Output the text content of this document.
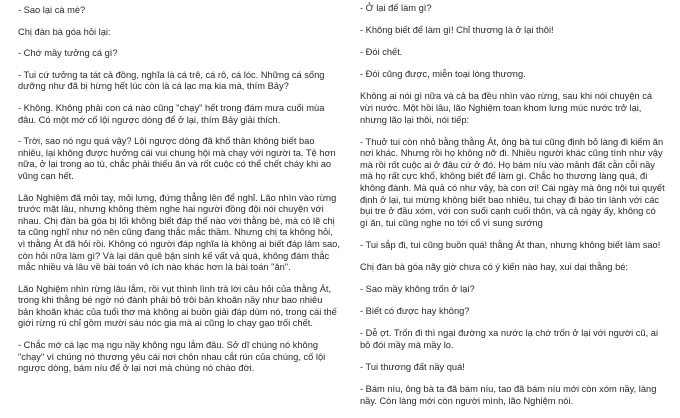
- Sao lại cà mè?

Chị đàn bà góa hỏi lại:

- Chớ mầy tưởng cá gì?

- Tui cứ tưởng ta tát cả đồng, nghĩa là cá trê, cá rô, cá lóc. Những cá sống dưỡng như đã bị hừng hết lúc còn là cá lạc mạ kia mà, thím Bảy?

- Không. Không phải con cá nào cũng "chạy" hết trong đám mưa cuối mùa đâu. Có một mớ cố lội ngược dòng để ở lại, thím Bảy giải thích.

- Trời, sao nó ngu quá vậy? Lội ngược dòng đã khổ thân không biết bao nhiêu, lại không được hưởng cái vui chung hội mà chạy với người ta. Tệ hơn nữa, ở lại trong ao tù, chắc phải thiếu ăn và rốt cuộc có thể chết cháy khi ao vũng cạn hết.

Lão Nghiệm đã mỏi tay, mỏi lưng, đứng thẳng lên để nghỉ. Lão nhìn vào rừng trước mặt lâu, nhưng không thèm nghe hai người đồng đội nói chuyện với nhau. Chị đàn bà góa bị lối không biết đáp thế nào với thằng bé, mà có lẽ chị ta cũng nghĩ như nó nên cũng đang thắc mắc thầm. Nhưng chị ta không hỏi, vì thằng Át đã hỏi rồi. Không có người đáp nghĩa là không ai biết đáp lâm sao, còn hỏi nữa làm gì? Và lại dân quê bận sinh kế vất vả quá, không đám thắc mắc nhiều và lâu về bài toán vô ích nào khác hơn là bài toán "ăn".

Lão Nghiệm nhìn rừng lâu lắm, rồi vụt thình lình trả lời câu hỏi của thằng Át, trong khi thằng bé ngờ nó đành phải bỏ trôi bản khoăn nầy như bao nhiêu bản khoăn khác của tuổi thơ mà không ai buồn giải đáp dùm nó, trong cái thế giới rừng rú chỉ gồm mười sáu nóc gia mà ai cũng lo chạy gạo trối chết.

- Chắc mớ cá lạc mạ ngu nầy không ngu lắm đâu. Sở dĩ chúng nó không "chạy" vì chúng nó thương yêu cái nơi chôn nhau cắt rún của chúng, cố lội ngược dòng, bám níu để ở lại nơi mà chúng nó chào đời.

- Ở lại để làm gì?

- Không biết để làm gì! Chỉ thương là ở lại thôi!

- Đói chết.

- Đói cũng được, miễn toại lòng thương.

Không ai nói gì nữa và cả ba đều nhìn vào rừng, sau khi nói chuyện cá vừi nước. Một hồi lâu, lão Nghiệm toan khom lưng múc nước trở lại, nhưng lão lại thôi, nói tiếp:

- Thuở tui còn nhỏ bằng thằng Át, ông bà tui cũng định bỏ làng đi kiếm ăn nơi khác. Nhưng rồi họ không nỡ đi. Nhiều người khác cũng tính như vậy mà rồi rốt cuộc ai ở đâu cứ ở đó. Họ bám níu vào mảnh đất cằn cỗi nầy mà họ rất cực khổ, không biết để làm gì. Chắc họ thương làng quá, đi không đành. Mà quả có như vậy, bà con ơi! Cái ngày mà ông nội tui quyết định ở lại, tui mừng không biết bao nhiêu, tui chạy đi báo tin lành với các bụi tre ở đầu xóm, với con suối cạnh cuối thôn, và cả ngày ấy, không có gì ăn, tui cũng nghe no tới cổ vì sung sướng

- Tui sắp đi, tui cũng buồn quá! thằng Át than, nhưng không biết làm sao!

Chị đàn bà góa nãy giờ chưa có ý kiến nào hay, xui dại thằng bé:

- Sao mầy không trốn ở lại?

- Biết có được hay không?

- Dễ ợt. Trốn đi thì ngại đường xa nước lạ chớ trốn ở lại với người cũ, ai bỏ đói mầy mà mầy lo.

- Tui thương đất nầy quá!

- Bám níu, ông bà ta đã bám níu, tao đã bám níu mới còn xóm nầy, làng nầy. Còn làng mới còn người mình, lão Nghiệm nói.
